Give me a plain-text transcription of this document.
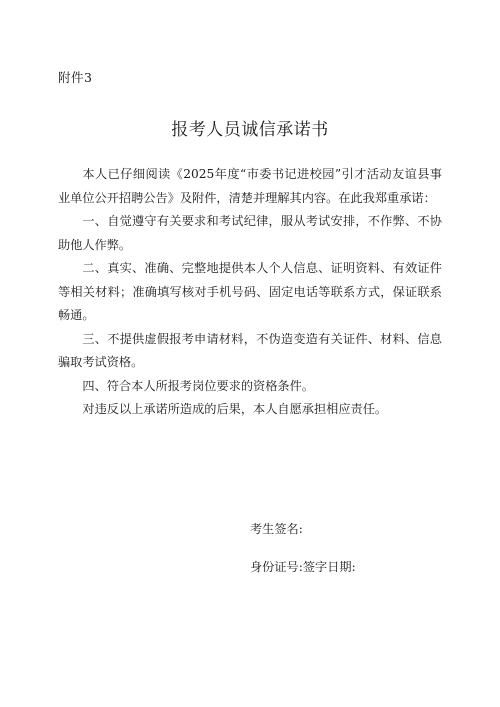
附件3
报考人员诚信承诺书

本人已仔细阅读《2025年度“市委书记进校园”引才活动友谊县事业单位公开招聘公告》及附件，清楚并理解其内容。在此我郑重承诺：

一、自觉遵守有关要求和考试纪律，服从考试安排，不作弊、不协助他人作弊。

二、真实、准确、完整地提供本人个人信息、证明资料、有效证件等相关材料；准确填写核对手机号码、固定电话等联系方式，保证联系畅通。

三、不提供虚假报考申请材料，不伪造变造有关证件、材料、信息骗取考试资格。

四、符合本人所报考岗位要求的资格条件。

对违反以上承诺所造成的后果，本人自愿承担相应责任。

考生签名:
身份证号:签字日期:
